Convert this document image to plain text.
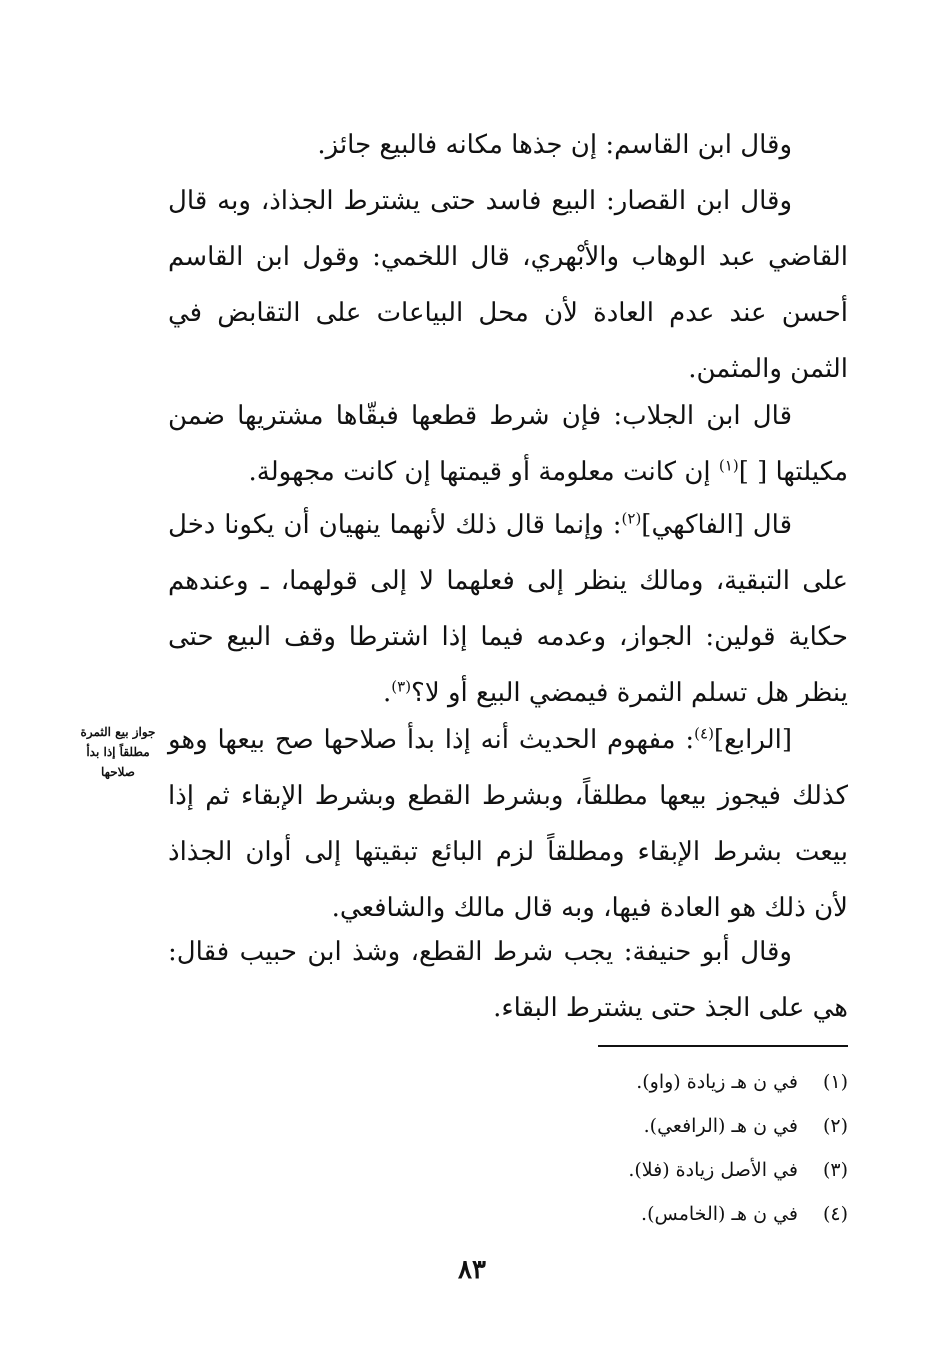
وقال ابن القاسم: إن جذها مكانه فالبيع جائز.

وقال ابن القصار: البيع فاسد حتى يشترط الجذاذ، وبه قال القاضي عبد الوهاب والأبْهري، قال اللخمي: وقول ابن القاسم أحسن عند عدم العادة لأن محل البياعات على التقابض في الثمن والمثمن.

قال ابن الجلاب: فإن شرط قطعها فبقّاها مشتريها ضمن مكيلتها [ ]$^{(١)}$ إن كانت معلومة أو قيمتها إن كانت مجهولة.

قال [الفاكهي]$^{(٢)}$: وإنما قال ذلك لأنهما ينهيان أن يكونا دخل على التبقية، ومالك ينظر إلى فعلهما لا إلى قولهما، ـ وعندهم حكاية قولين: الجواز، وعدمه فيما إذا اشترطا وقف البيع حتى ينظر هل تسلم الثمرة فيمضي البيع أو لا؟$^{(٣)}$.

[الرابع]$^{(٤)}$: مفهوم الحديث أنه إذا بدأ صلاحها صح بيعها وهو كذلك فيجوز بيعها مطلقاً، وبشرط القطع وبشرط الإبقاء ثم إذا بيعت بشرط الإبقاء ومطلقاً لزم البائع تبقيتها إلى أوان الجذاذ لأن ذلك هو العادة فيها، وبه قال مالك والشافعي.

وقال أبو حنيفة: يجب شرط القطع، وشذ ابن حبيب فقال: هي على الجذ حتى يشترط البقاء.

جواز بيع الثمرة
مطلقاً إذا بدأ
صلاحها
(١)في ن هـ زيادة (واو).
(٢)في ن هـ (الرافعي).
(٣)في الأصل زيادة (فلا).
(٤)في ن هـ (الخامس).
٨٣
